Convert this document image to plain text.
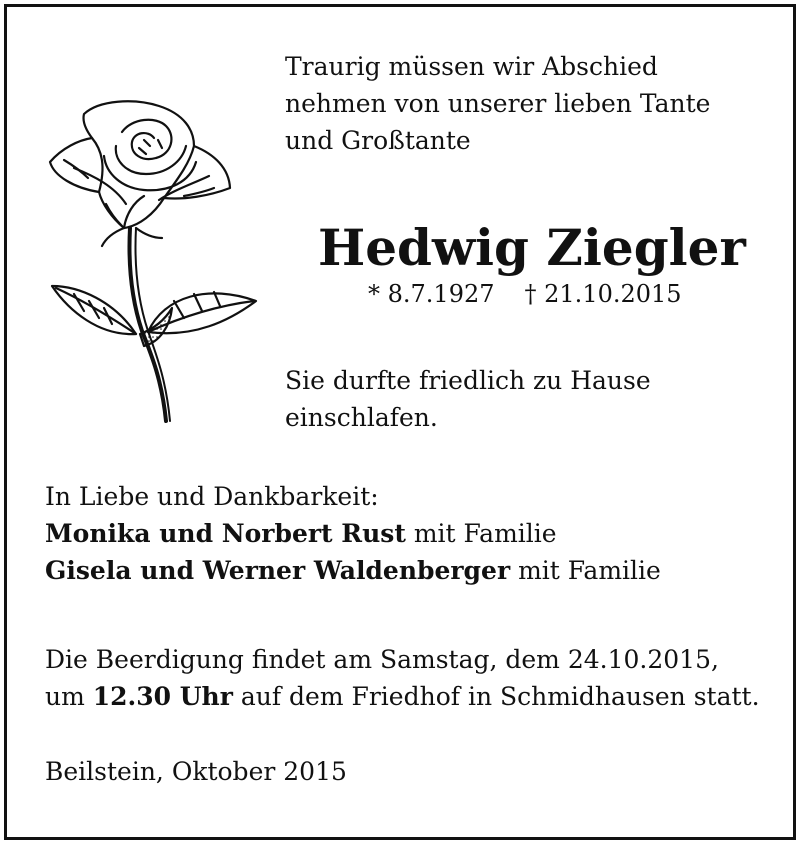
Traurig müssen wir Abschied
nehmen von unserer lieben Tante
und Großtante

Hedwig Ziegler

* 8.7.1927 † 21.10.2015

Sie durfte friedlich zu Hause
einschlafen.

In Liebe und Dankbarkeit:
Monika und Norbert Rust mit Familie
Gisela und Werner Waldenberger mit Familie

Die Beerdigung findet am Samstag, dem 24.10.2015,
um 12.30 Uhr auf dem Friedhof in Schmidhausen statt.

Beilstein, Oktober 2015
